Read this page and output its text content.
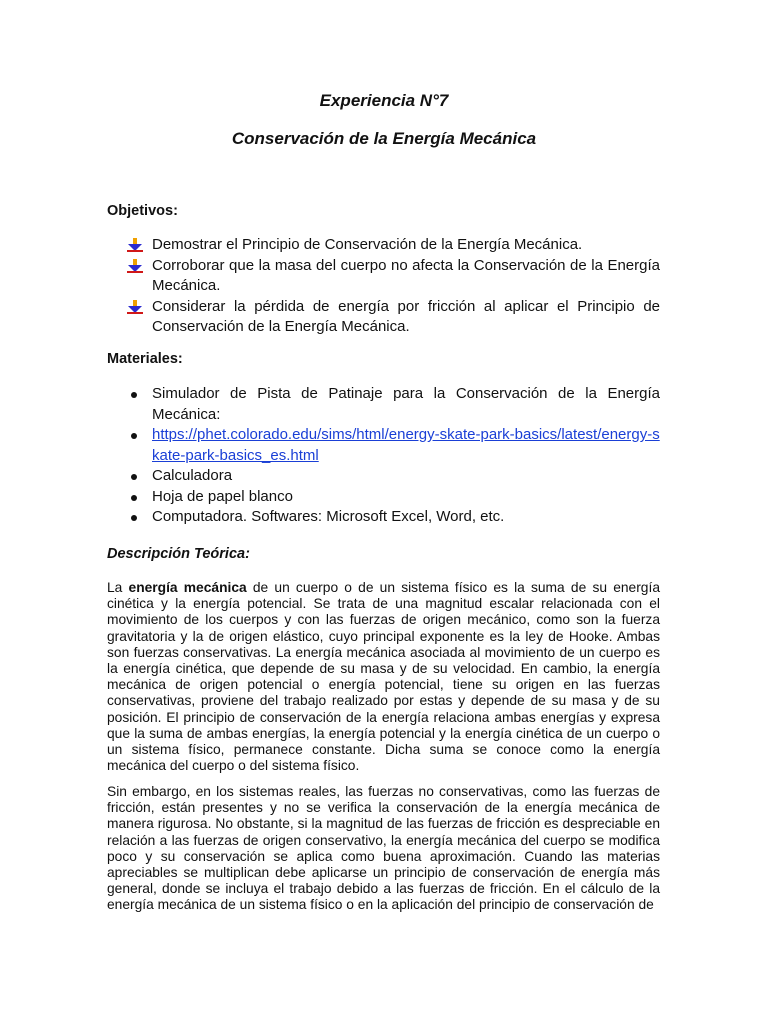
Experiencia N°7
Conservación de la Energía Mecánica
Objetivos:
Demostrar el Principio de Conservación de la Energía Mecánica.
Corroborar que la masa del cuerpo no afecta la Conservación de la Energía Mecánica.
Considerar la pérdida de energía por fricción al aplicar el Principio de Conservación de la Energía Mecánica.
Materiales:
Simulador de Pista de Patinaje para la Conservación de la Energía Mecánica:
https://phet.colorado.edu/sims/html/energy-skate-park-basics/latest/energy-skate-park-basics_es.html
Calculadora
Hoja de papel blanco
Computadora. Softwares: Microsoft Excel, Word, etc.
Descripción Teórica:

La energía mecánica de un cuerpo o de un sistema físico es la suma de su energía cinética y la energía potencial. Se trata de una magnitud escalar relacionada con el movimiento de los cuerpos y con las fuerzas de origen mecánico, como son la fuerza gravitatoria y la de origen elástico, cuyo principal exponente es la ley de Hooke. Ambas son fuerzas conservativas. La energía mecánica asociada al movimiento de un cuerpo es la energía cinética, que depende de su masa y de su velocidad. En cambio, la energía mecánica de origen potencial o energía potencial, tiene su origen en las fuerzas conservativas, proviene del trabajo realizado por estas y depende de su masa y de su posición. El principio de conservación de la energía relaciona ambas energías y expresa que la suma de ambas energías, la energía potencial y la energía cinética de un cuerpo o un sistema físico, permanece constante. Dicha suma se conoce como la energía mecánica del cuerpo o del sistema físico.

Sin embargo, en los sistemas reales, las fuerzas no conservativas, como las fuerzas de fricción, están presentes y no se verifica la conservación de la energía mecánica de manera rigurosa. No obstante, si la magnitud de las fuerzas de fricción es despreciable en relación a las fuerzas de origen conservativo, la energía mecánica del cuerpo se modifica poco y su conservación se aplica como buena aproximación. Cuando las materias apreciables se multiplican debe aplicarse un principio de conservación de energía más general, donde se incluya el trabajo debido a las fuerzas de fricción. En el cálculo de la energía mecánica de un sistema físico o en la aplicación del principio de conservación de
